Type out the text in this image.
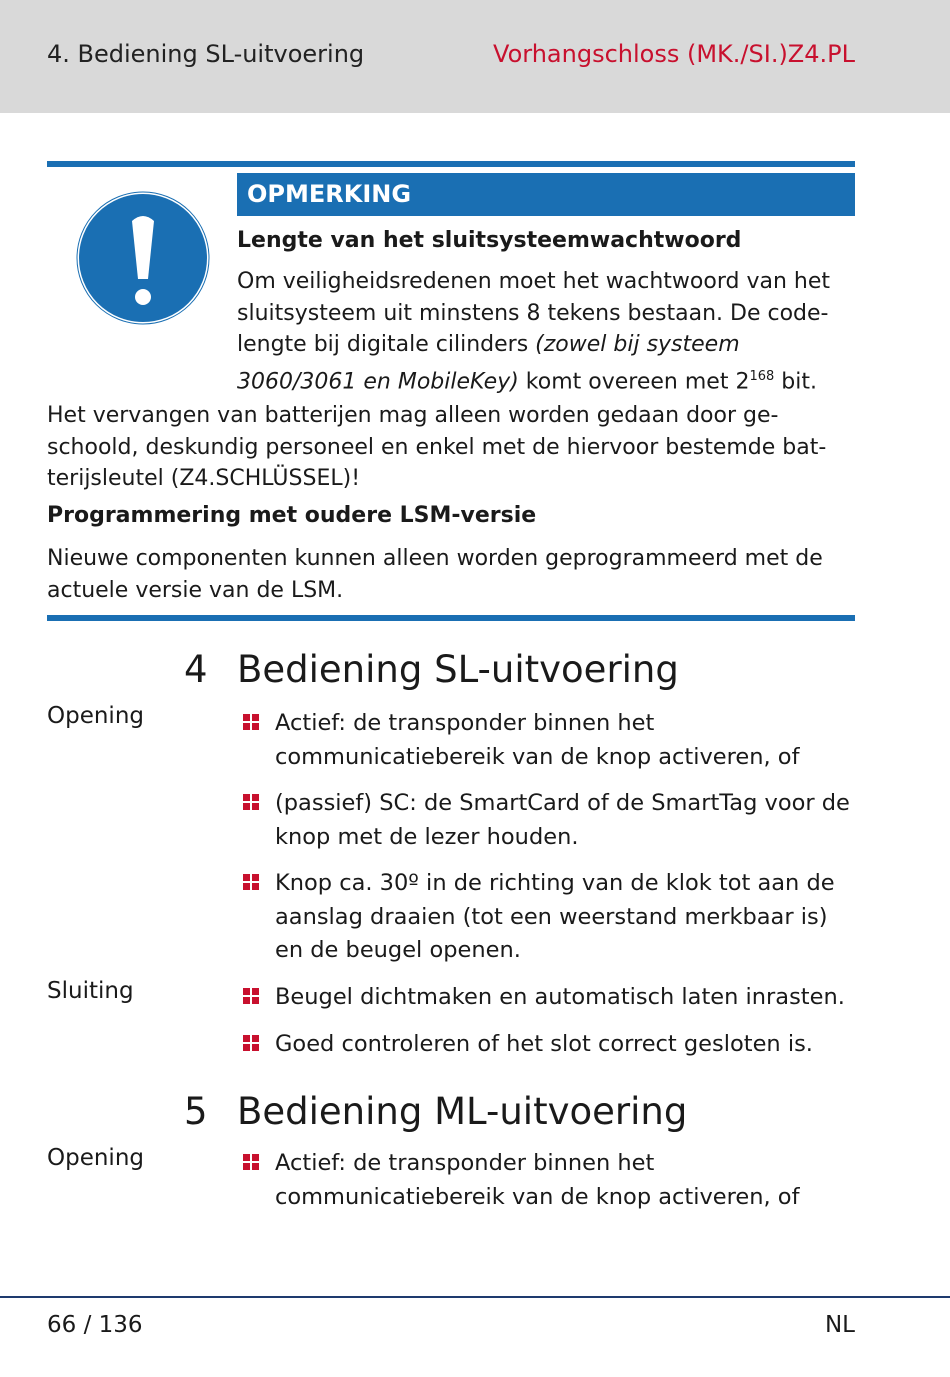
4. Bediening SL-uitvoering	Vorhangschloss (MK./SI.)Z4.PL
OPMERKING
Lengte van het sluitsysteemwachtwoord
Om veiligheidsredenen moet het wachtwoord van het sluitsysteem uit minstens 8 tekens bestaan. De code-lengte bij digitale cilinders (zowel bij systeem 3060/3061 en MobileKey) komt overeen met $2^{168}$ bit.
Het vervangen van batterijen mag alleen worden gedaan door ge-schoold, deskundig personeel en enkel met de hiervoor bestemde bat-terijsleutel (Z4.SCHLÜSSEL)!
Programmering met oudere LSM-versie
Nieuwe componenten kunnen alleen worden geprogrammeerd met de actuele versie van de LSM.
4 Bediening SL-uitvoering
Opening	Actief: de transponder binnen het communicatiebereik van de knop activeren, of
(passief) SC: de SmartCard of de SmartTag voor de knop met de lezer houden.
Knop ca. 30º in de richting van de klok tot aan de aanslag draaien (tot een weerstand merkbaar is) en de beugel openen.
Sluiting	Beugel dichtmaken en automatisch laten inrasten.
Goed controleren of het slot correct gesloten is.
5 Bediening ML-uitvoering
Opening	Actief: de transponder binnen het communicatiebereik van de knop activeren, of
66 / 136	NL
